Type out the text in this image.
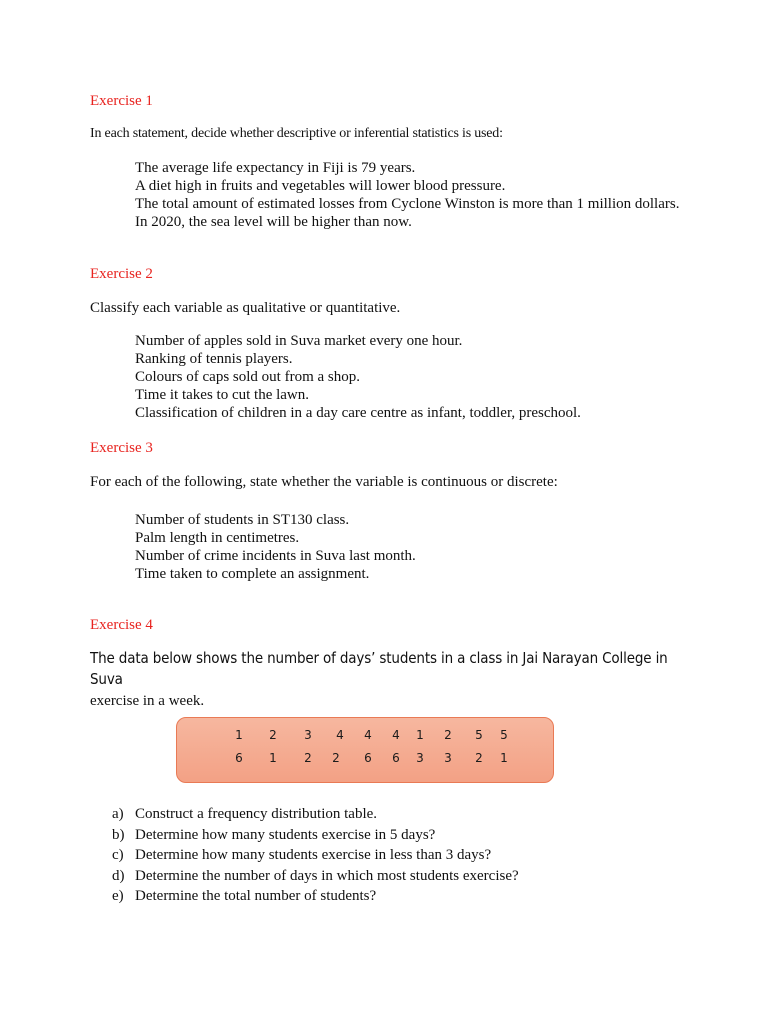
Exercise 1

In each statement, decide whether descriptive or inferential statistics is used:

The average life expectancy in Fiji is 79 years.
A diet high in fruits and vegetables will lower blood pressure.
The total amount of estimated losses from Cyclone Winston is more than 1 million dollars.
In 2020, the sea level will be higher than now.
Exercise 2

Classify each variable as qualitative or quantitative.

Number of apples sold in Suva market every one hour.
Ranking of tennis players.
Colours of caps sold out from a shop.
Time it takes to cut the lawn.
Classification of children in a day care centre as infant, toddler, preschool.
Exercise 3

For each of the following, state whether the variable is continuous or discrete:

Number of students in ST130 class.
Palm length in centimetres.
Number of crime incidents in Suva last month.
Time taken to complete an assignment.
Exercise 4

The data below shows the number of days’ students in a class in Jai Narayan College in Suva
exercise in a week.

1 2 3 4 4 4 1 2 5 5
6 1 2 2 6 6 3 3 2 1
a) Construct a frequency distribution table.
b) Determine how many students exercise in 5 days?
c) Determine how many students exercise in less than 3 days?
d) Determine the number of days in which most students exercise?
e) Determine the total number of students?
